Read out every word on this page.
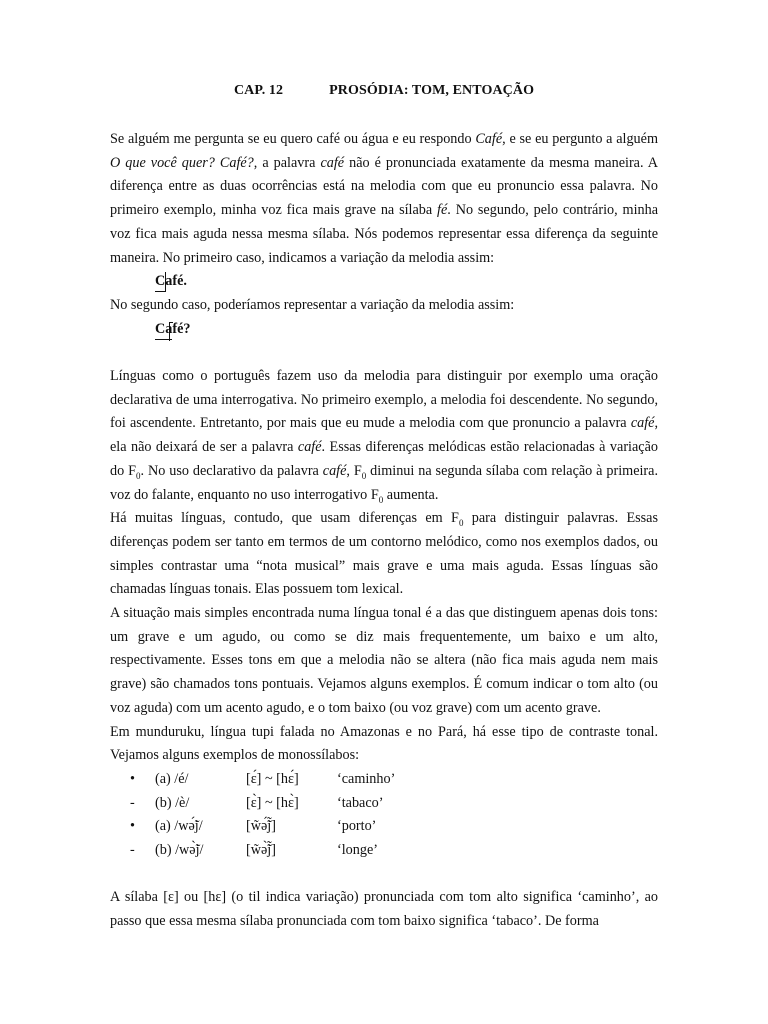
CAP. 12	PROSÓDIA: TOM, ENTOAÇÃO

Se alguém me pergunta se eu quero café ou água e eu respondo Café, e se eu pergunto a alguém O que você quer? Café?, a palavra café não é pronunciada exatamente da mesma maneira. A diferença entre as duas ocorrências está na melodia com que eu pronuncio essa palavra. No primeiro exemplo, minha voz fica mais grave na sílaba fé. No segundo, pelo contrário, minha voz fica mais aguda nessa mesma sílaba. Nós podemos representar essa diferença da seguinte maneira. No primeiro caso, indicamos a variação da melodia assim:

Café.

No segundo caso, poderíamos representar a variação da melodia assim:

Café?

Línguas como o português fazem uso da melodia para distinguir por exemplo uma oração declarativa de uma interrogativa. No primeiro exemplo, a melodia foi descendente. No segundo, foi ascendente. Entretanto, por mais que eu mude a melodia com que pronuncio a palavra café, ela não deixará de ser a palavra café. Essas diferenças melódicas estão relacionadas à variação do $F_0$. No uso declarativo da palavra café, $F_0$ diminui na segunda sílaba com relação à primeira. voz do falante, enquanto no uso interrogativo $F_0$ aumenta.

Há muitas línguas, contudo, que usam diferenças em $F_0$ para distinguir palavras. Essas diferenças podem ser tanto em termos de um contorno melódico, como nos exemplos dados, ou simples contrastar uma “nota musical” mais grave e uma mais aguda. Essas línguas são chamadas línguas tonais. Elas possuem tom lexical.

A situação mais simples encontrada numa língua tonal é a das que distinguem apenas dois tons: um grave e um agudo, ou como se diz mais frequentemente, um baixo e um alto, respectivamente. Esses tons em que a melodia não se altera (não fica mais aguda nem mais grave) são chamados tons pontuais. Vejamos alguns exemplos. É comum indicar o tom alto (ou voz aguda) com um acento agudo, e o tom baixo (ou voz grave) com um acento grave.

Em munduruku, língua tupi falada no Amazonas e no Pará, há esse tipo de contraste tonal. Vejamos alguns exemplos de monossílabos:

• (a) /é/	[ɛ́] ~ [hɛ́]	‘caminho’
- (b) /è/	[ɛ̀] ~ [hɛ̀]	‘tabaco’
• (a) /wə̃́j/	[w̃ə̃́j̃]	‘porto’
- (b) /wə̃̀j/	[w̃ə̃̀j̃]	‘longe’

A sílaba [ɛ] ou [hɛ] (o til indica variação) pronunciada com tom alto significa ‘caminho’, ao passo que essa mesma sílaba pronunciada com tom baixo significa ‘tabaco’. De forma
